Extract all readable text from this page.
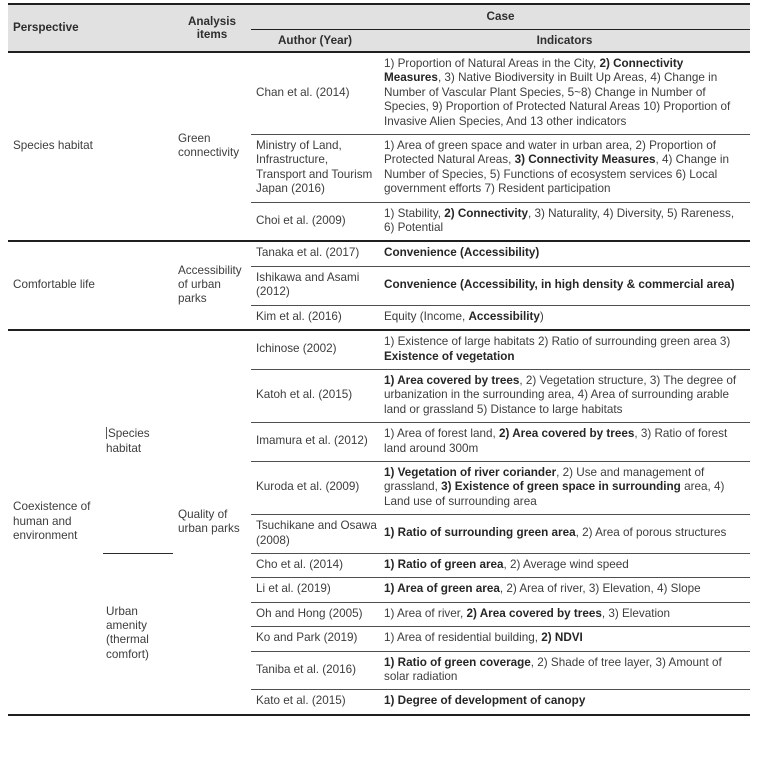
Perspective		Analysis items	Case	
			Author (Year)	Indicators
Species habitat		Green connectivity	Chan et al. (2014)	1) Proportion of Natural Areas in the City, 2) Connectivity Measures, 3) Native Biodiversity in Built Up Areas, 4) Change in Number of Vascular Plant Species, 5~8) Change in Number of Species, 9) Proportion of Protected Natural Areas 10) Proportion of Invasive Alien Species, And 13 other indicators
			Ministry of Land, Infrastructure, Transport and Tourism Japan (2016)	1) Area of green space and water in urban area, 2) Proportion of Protected Natural Areas, 3) Connectivity Measures, 4) Change in Number of Species, 5) Functions of ecosystem services 6) Local government efforts 7) Resident participation
			Choi et al. (2009)	1) Stability, 2) Connectivity, 3) Naturality, 4) Diversity, 5) Rareness, 6) Potential
Comfortable life		Accessibility of urban parks	Tanaka et al. (2017)	Convenience (Accessibility)
			Ishikawa and Asami (2012)	Convenience (Accessibility, in high density & commercial area)
			Kim et al. (2016)	Equity (Income, Accessibility)
Coexistence of human and environment	Species habitat	Quality of urban parks	Ichinose (2002)	1) Existence of large habitats 2) Ratio of surrounding green area 3) Existence of vegetation
			Katoh et al. (2015)	1) Area covered by trees, 2) Vegetation structure, 3) The degree of urbanization in the surrounding area, 4) Area of surrounding arable land or grassland 5) Distance to large habitats
			Imamura et al. (2012)	1) Area of forest land, 2) Area covered by trees, 3) Ratio of forest land around 300m
			Kuroda et al. (2009)	1) Vegetation of river coriander, 2) Use and management of grassland, 3) Existence of green space in surrounding area, 4) Land use of surrounding area
			Tsuchikane and Osawa (2008)	1) Ratio of surrounding green area, 2) Area of porous structures
	Urban amenity (thermal comfort)		Cho et al. (2014)	1) Ratio of green area, 2) Average wind speed
			Li et al. (2019)	1) Area of green area, 2) Area of river, 3) Elevation, 4) Slope
			Oh and Hong (2005)	1) Area of river, 2) Area covered by trees, 3) Elevation
			Ko and Park (2019)	1) Area of residential building, 2) NDVI
			Taniba et al. (2016)	1) Ratio of green coverage, 2) Shade of tree layer, 3) Amount of solar radiation
			Kato et al. (2015)	1) Degree of development of canopy
